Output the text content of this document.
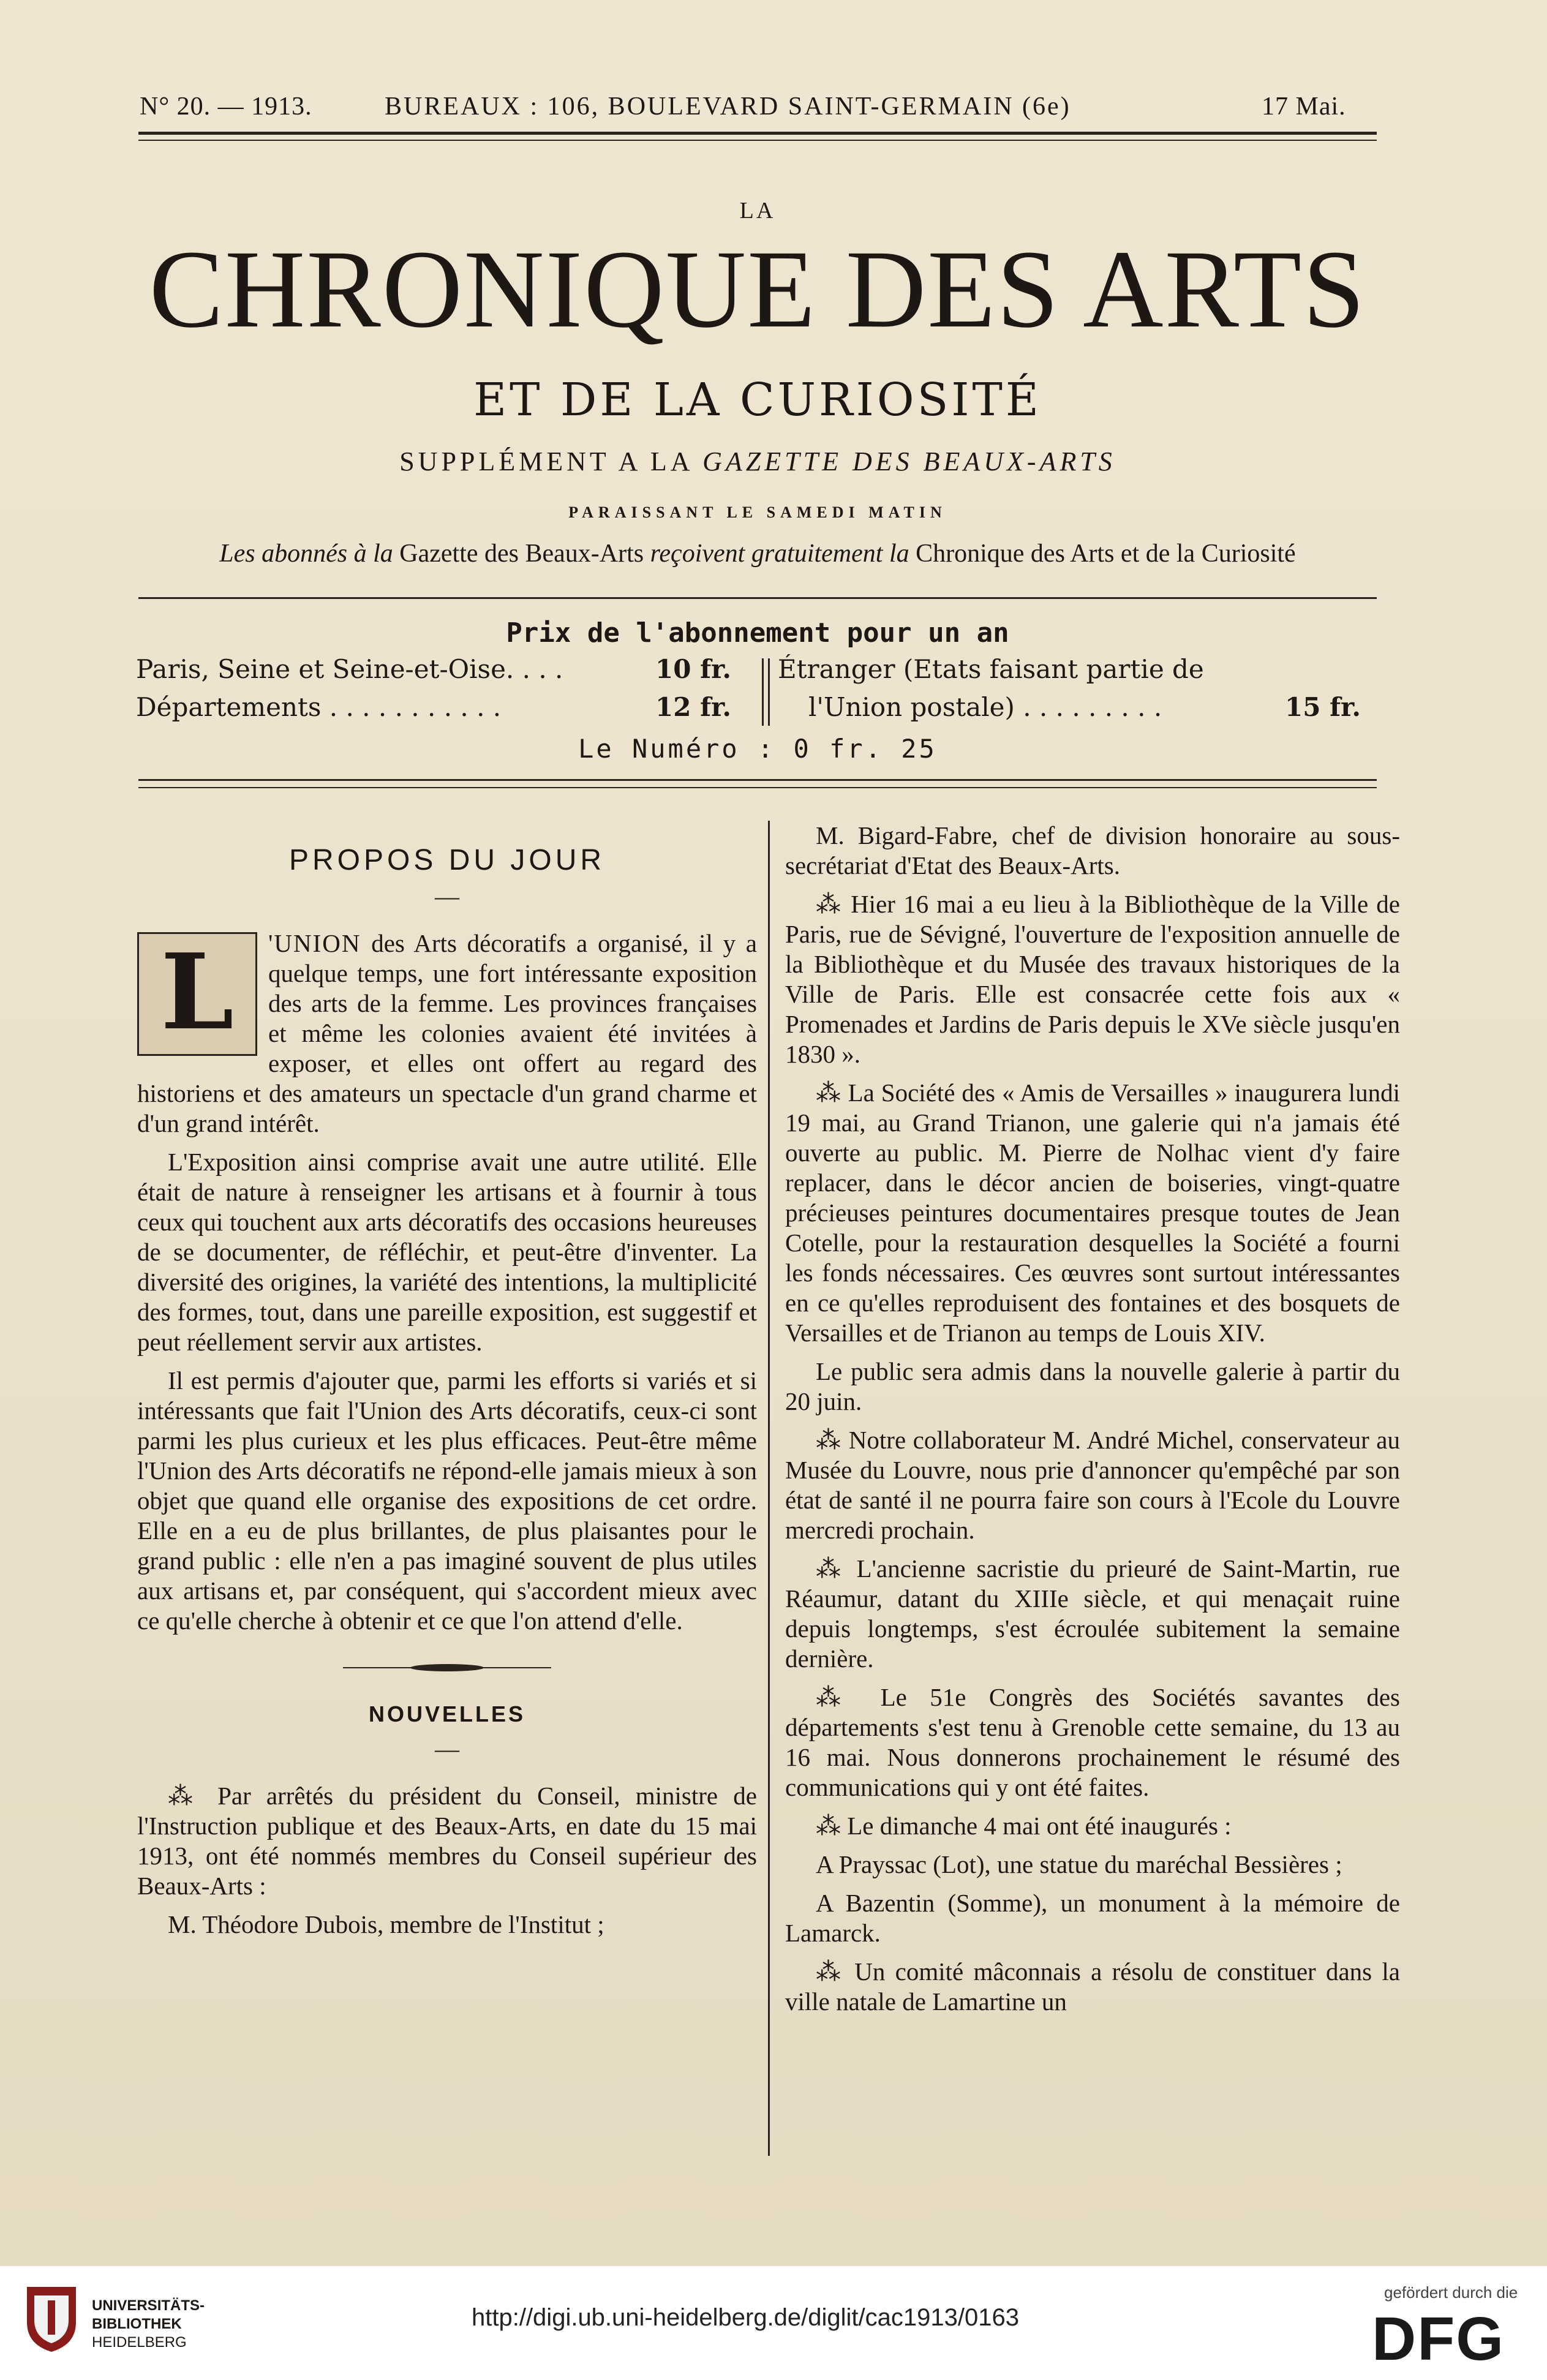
N° 20. — 1913.	BUREAUX : 106, BOULEVARD SAINT-GERMAIN (6e)	17 Mai.
LA
CHRONIQUE DES ARTS
ET DE LA CURIOSITÉ
SUPPLÉMENT A LA GAZETTE DES BEAUX-ARTS
PARAISSANT LE SAMEDI MATIN
Les abonnés à la Gazette des Beaux-Arts reçoivent gratuitement la Chronique des Arts et de la Curiosité
Prix de l'abonnement pour un an
Paris, Seine et Seine-et-Oise. . . .	10 fr.
Départements . . . . . . . . . . .	12 fr.
Étranger (Etats faisant partie de
l'Union postale) . . . . . . . . .	15 fr.
Le Numéro : 0 fr. 25
PROPOS DU JOUR
—

L	'UNION des Arts décoratifs a organisé, il y a quelque temps, une fort intéressante exposition des arts de la femme. Les provinces françaises et même les colonies avaient été invitées à exposer, et elles ont offert au regard des historiens et des amateurs un spectacle d'un grand charme et d'un grand intérêt.

L'Exposition ainsi comprise avait une autre utilité. Elle était de nature à renseigner les artisans et à fournir à tous ceux qui touchent aux arts décoratifs des occasions heureuses de se documenter, de réfléchir, et peut-être d'inventer. La diversité des origines, la variété des intentions, la multiplicité des formes, tout, dans une pareille exposition, est suggestif et peut réellement servir aux artistes.

Il est permis d'ajouter que, parmi les efforts si variés et si intéressants que fait l'Union des Arts décoratifs, ceux-ci sont parmi les plus curieux et les plus efficaces. Peut-être même l'Union des Arts décoratifs ne répond-elle jamais mieux à son objet que quand elle organise des expositions de cet ordre. Elle en a eu de plus brillantes, de plus plaisantes pour le grand public : elle n'en a pas imaginé souvent de plus utiles aux artisans et, par conséquent, qui s'accordent mieux avec ce qu'elle cherche à obtenir et ce que l'on attend d'elle.

NOUVELLES
—

⁂ Par arrêtés du président du Conseil, ministre de l'Instruction publique et des Beaux-Arts, en date du 15 mai 1913, ont été nommés membres du Conseil supérieur des Beaux-Arts :

M. Théodore Dubois, membre de l'Institut ;

M. Bigard-Fabre, chef de division honoraire au sous-secrétariat d'Etat des Beaux-Arts.

⁂ Hier 16 mai a eu lieu à la Bibliothèque de la Ville de Paris, rue de Sévigné, l'ouverture de l'exposition annuelle de la Bibliothèque et du Musée des travaux historiques de la Ville de Paris. Elle est consacrée cette fois aux « Promenades et Jardins de Paris depuis le XVe siècle jusqu'en 1830 ».

⁂ La Société des « Amis de Versailles » inaugurera lundi 19 mai, au Grand Trianon, une galerie qui n'a jamais été ouverte au public. M. Pierre de Nolhac vient d'y faire replacer, dans le décor ancien de boiseries, vingt-quatre précieuses peintures documentaires presque toutes de Jean Cotelle, pour la restauration desquelles la Société a fourni les fonds nécessaires. Ces œuvres sont surtout intéressantes en ce qu'elles reproduisent des fontaines et des bosquets de Versailles et de Trianon au temps de Louis XIV.

Le public sera admis dans la nouvelle galerie à partir du 20 juin.

⁂ Notre collaborateur M. André Michel, conservateur au Musée du Louvre, nous prie d'annoncer qu'empêché par son état de santé il ne pourra faire son cours à l'Ecole du Louvre mercredi prochain.

⁂ L'ancienne sacristie du prieuré de Saint-Martin, rue Réaumur, datant du XIIIe siècle, et qui menaçait ruine depuis longtemps, s'est écroulée subitement la semaine dernière.

⁂ Le 51e Congrès des Sociétés savantes des départements s'est tenu à Grenoble cette semaine, du 13 au 16 mai. Nous donnerons prochainement le résumé des communications qui y ont été faites.

⁂ Le dimanche 4 mai ont été inaugurés :

A Prayssac (Lot), une statue du maréchal Bessières ;

A Bazentin (Somme), un monument à la mémoire de Lamarck.

⁂ Un comité mâconnais a résolu de constituer dans la ville natale de Lamartine un

UNIVERSITÄTS-
BIBLIOTHEK
HEIDELBERG
http://digi.ub.uni-heidelberg.de/diglit/cac1913/0163
gefördert durch die
DFG
